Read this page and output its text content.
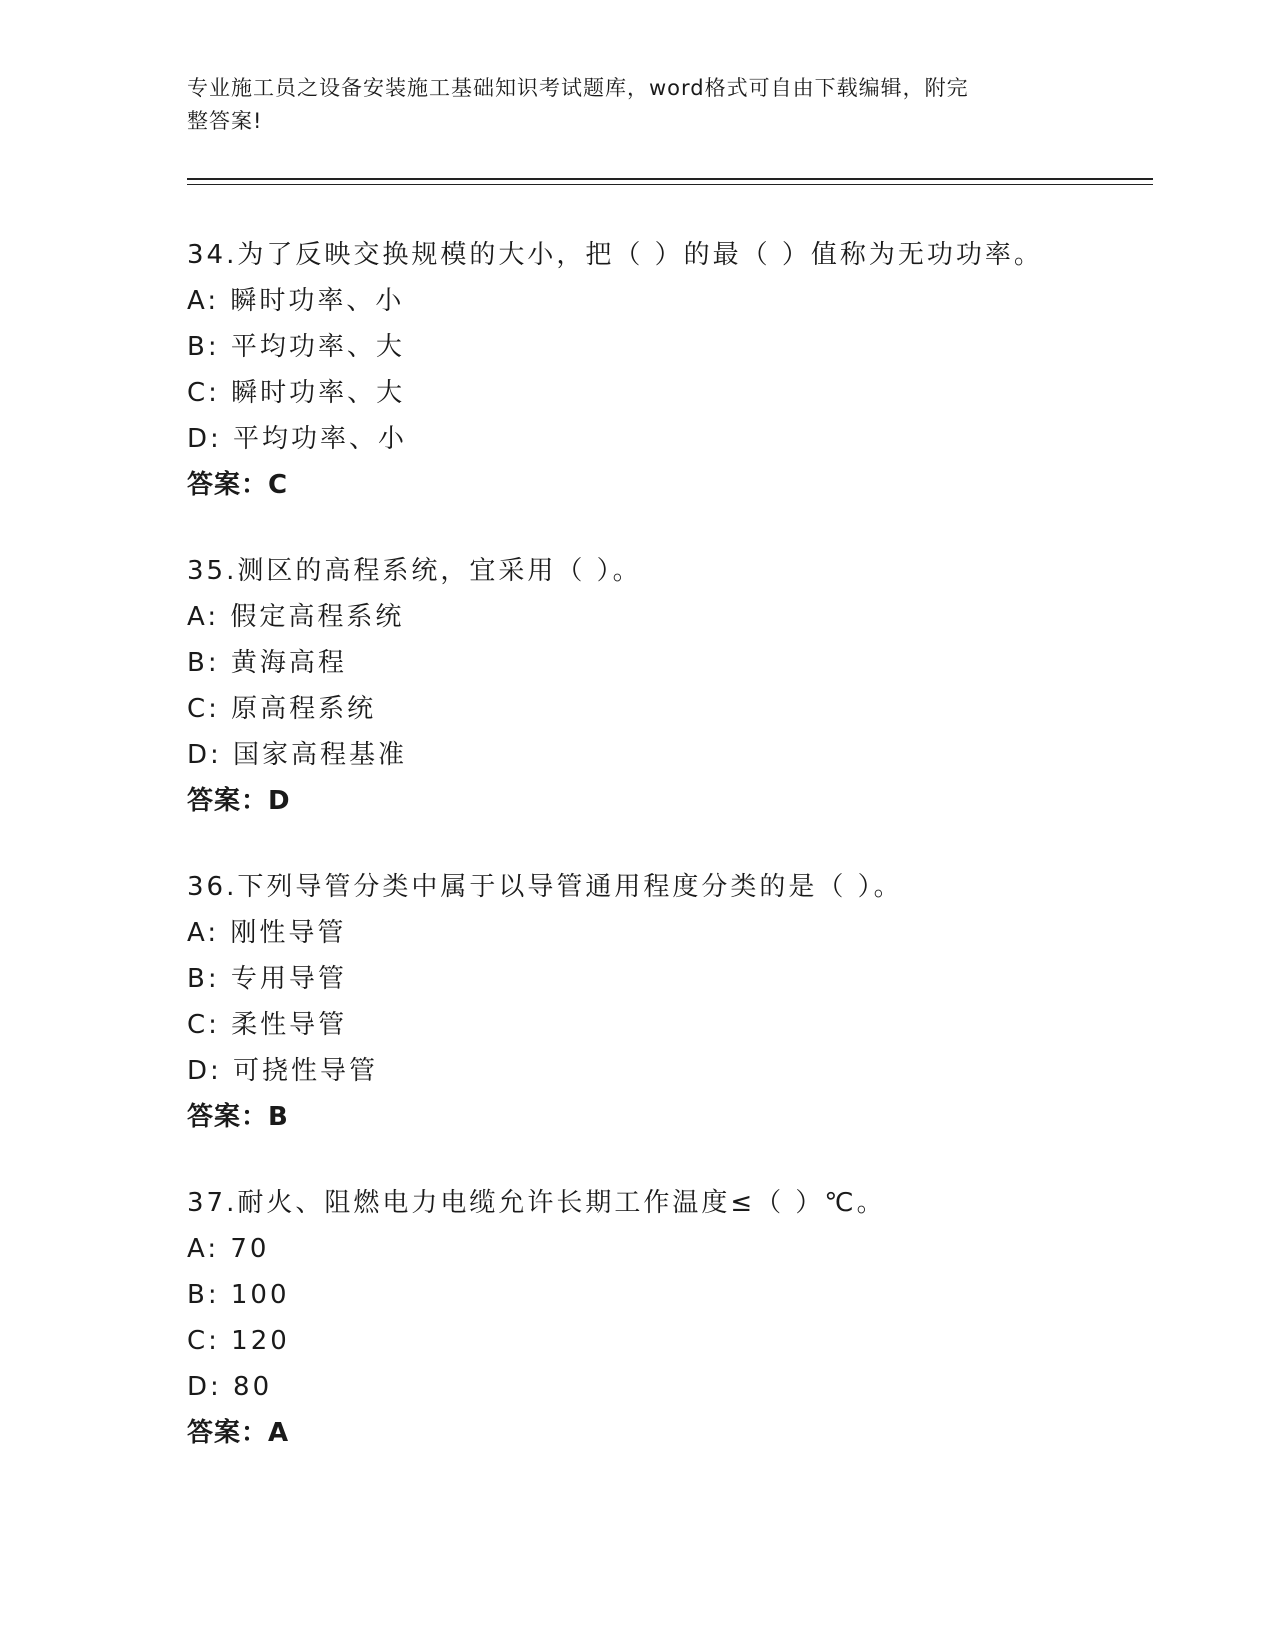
专业施工员之设备安装施工基础知识考试题库，word格式可自由下载编辑，附完
整答案!
34.为了反映交换规模的大小，把（ ）的最（ ）值称为无功功率。
A: 瞬时功率、小
B: 平均功率、大
C: 瞬时功率、大
D: 平均功率、小
答案：C
35.测区的高程系统，宜采用（ ）。
A: 假定高程系统
B: 黄海高程
C: 原高程系统
D: 国家高程基准
答案：D
36.下列导管分类中属于以导管通用程度分类的是（ ）。
A: 刚性导管
B: 专用导管
C: 柔性导管
D: 可挠性导管
答案：B
37.耐火、阻燃电力电缆允许长期工作温度≤（ ）℃。
A: 70
B: 100
C: 120
D: 80
答案：A
